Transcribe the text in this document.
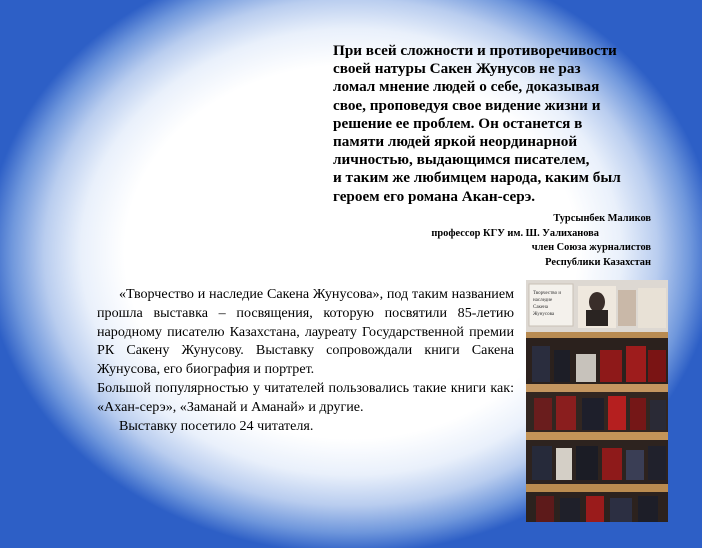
При всей сложности и противоречивости
своей натуры Сакен Жунусов не раз
ломал мнение людей о себе, доказывая
свое, проповедуя свое видение жизни и
решение ее проблем. Он останется в
памяти людей яркой неординарной
личностью, выдающимся писателем,
и таким же любимцем народа, каким был
героем его романа Акан-серэ.
Турсынбек Маликов
профессор КГУ им. Ш. Уалиханова
член Союза журналистов
Республики Казахстан

«Творчество и наследие Сакена Жунусова», под таким названием прошла выставка – посвящения, которую посвятили 85-летию народному писателю Казахстана, лауреату Государственной премии РК Сакену Жунусову. Выставку сопровождали книги Сакена Жунусова, его биография и портрет.

Большой популярностью у читателей пользовались такие книги как: «Ахан-серэ», «Заманай и Аманай» и другие.

Выставку посетило 24 читателя.

Творчество и
наследие
Сакена
Жунусова
